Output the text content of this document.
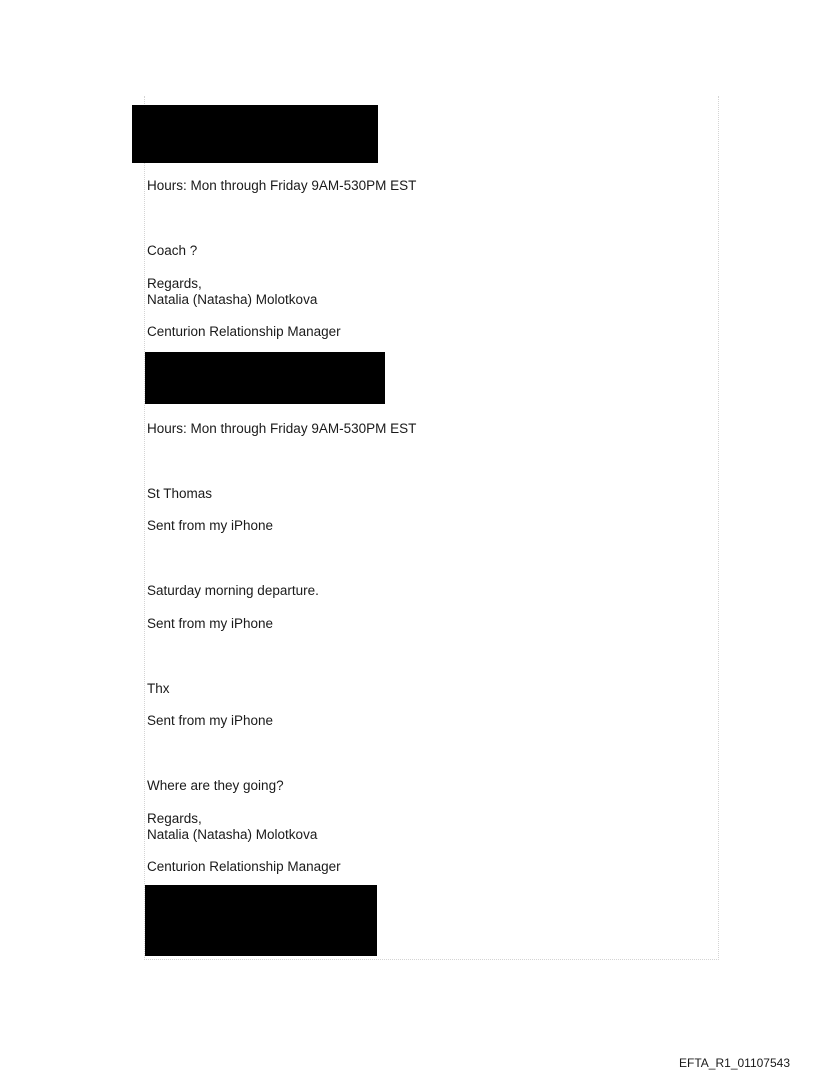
Hours: Mon through Friday 9AM-530PM EST
Coach ?
Regards,
Natalia (Natasha) Molotkova
Centurion Relationship Manager
Hours: Mon through Friday 9AM-530PM EST
St Thomas
Sent from my iPhone
Saturday morning departure.
Sent from my iPhone
Thx
Sent from my iPhone
Where are they going?
Regards,
Natalia (Natasha) Molotkova
Centurion Relationship Manager
EFTA_R1_01107543
